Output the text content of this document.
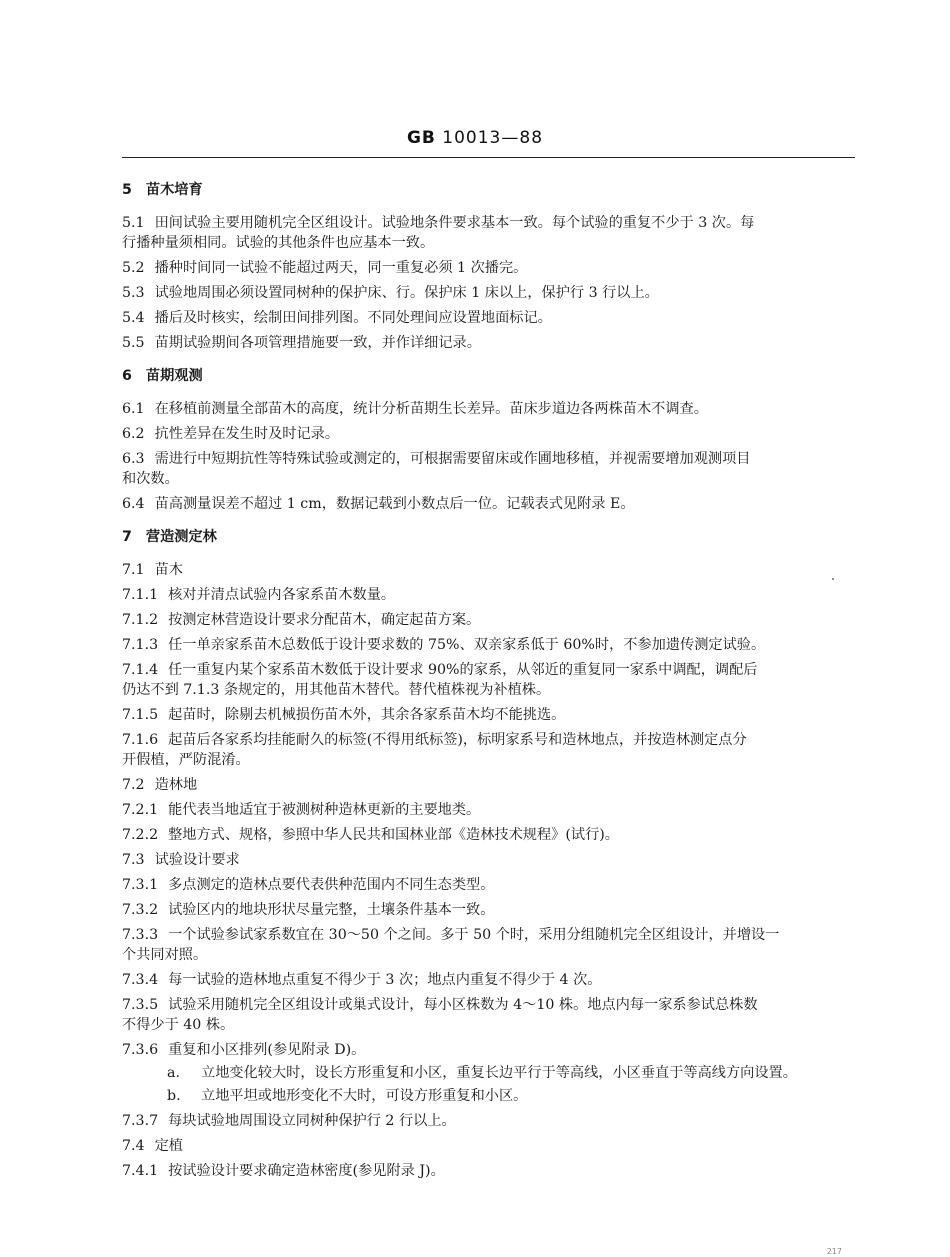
GB 10013—88
5 苗木培育
5.1 田间试验主要用随机完全区组设计。试验地条件要求基本一致。每个试验的重复不少于 3 次。每
行播种量须相同。试验的其他条件也应基本一致。
5.2 播种时间同一试验不能超过两天，同一重复必须 1 次播完。
5.3 试验地周围必须设置同树种的保护床、行。保护床 1 床以上，保护行 3 行以上。
5.4 播后及时核实，绘制田间排列图。不同处理间应设置地面标记。
5.5 苗期试验期间各项管理措施要一致，并作详细记录。
6 苗期观测
6.1 在移植前测量全部苗木的高度，统计分析苗期生长差异。苗床步道边各两株苗木不调查。
6.2 抗性差异在发生时及时记录。
6.3 需进行中短期抗性等特殊试验或测定的，可根据需要留床或作圃地移植，并视需要增加观测项目
和次数。
6.4 苗高测量误差不超过 1 cm，数据记载到小数点后一位。记载表式见附录 E。
7 营造测定林
7.1 苗木
7.1.1 核对并清点试验内各家系苗木数量。
7.1.2 按测定林营造设计要求分配苗木，确定起苗方案。
7.1.3 任一单亲家系苗木总数低于设计要求数的 75%、双亲家系低于 60%时，不参加遗传测定试验。
7.1.4 任一重复内某个家系苗木数低于设计要求 90%的家系，从邻近的重复同一家系中调配，调配后
仍达不到 7.1.3 条规定的，用其他苗木替代。替代植株视为补植株。
7.1.5 起苗时，除剔去机械损伤苗木外，其余各家系苗木均不能挑选。
7.1.6 起苗后各家系均挂能耐久的标签(不得用纸标签)，标明家系号和造林地点，并按造林测定点分
开假植，严防混淆。
7.2 造林地
7.2.1 能代表当地适宜于被测树种造林更新的主要地类。
7.2.2 整地方式、规格，参照中华人民共和国林业部《造林技术规程》(试行)。
7.3 试验设计要求
7.3.1 多点测定的造林点要代表供种范围内不同生态类型。
7.3.2 试验区内的地块形状尽量完整，土壤条件基本一致。
7.3.3 一个试验参试家系数宜在 30～50 个之间。多于 50 个时，采用分组随机完全区组设计，并增设一
个共同对照。
7.3.4 每一试验的造林地点重复不得少于 3 次；地点内重复不得少于 4 次。
7.3.5 试验采用随机完全区组设计或巢式设计，每小区株数为 4～10 株。地点内每一家系参试总株数
不得少于 40 株。
7.3.6 重复和小区排列(参见附录 D)。
a. 立地变化较大时，设长方形重复和小区，重复长边平行于等高线，小区垂直于等高线方向设置。
b. 立地平坦或地形变化不大时，可设方形重复和小区。
7.3.7 每块试验地周围设立同树种保护行 2 行以上。
7.4 定植
7.4.1 按试验设计要求确定造林密度(参见附录 J)。
217
